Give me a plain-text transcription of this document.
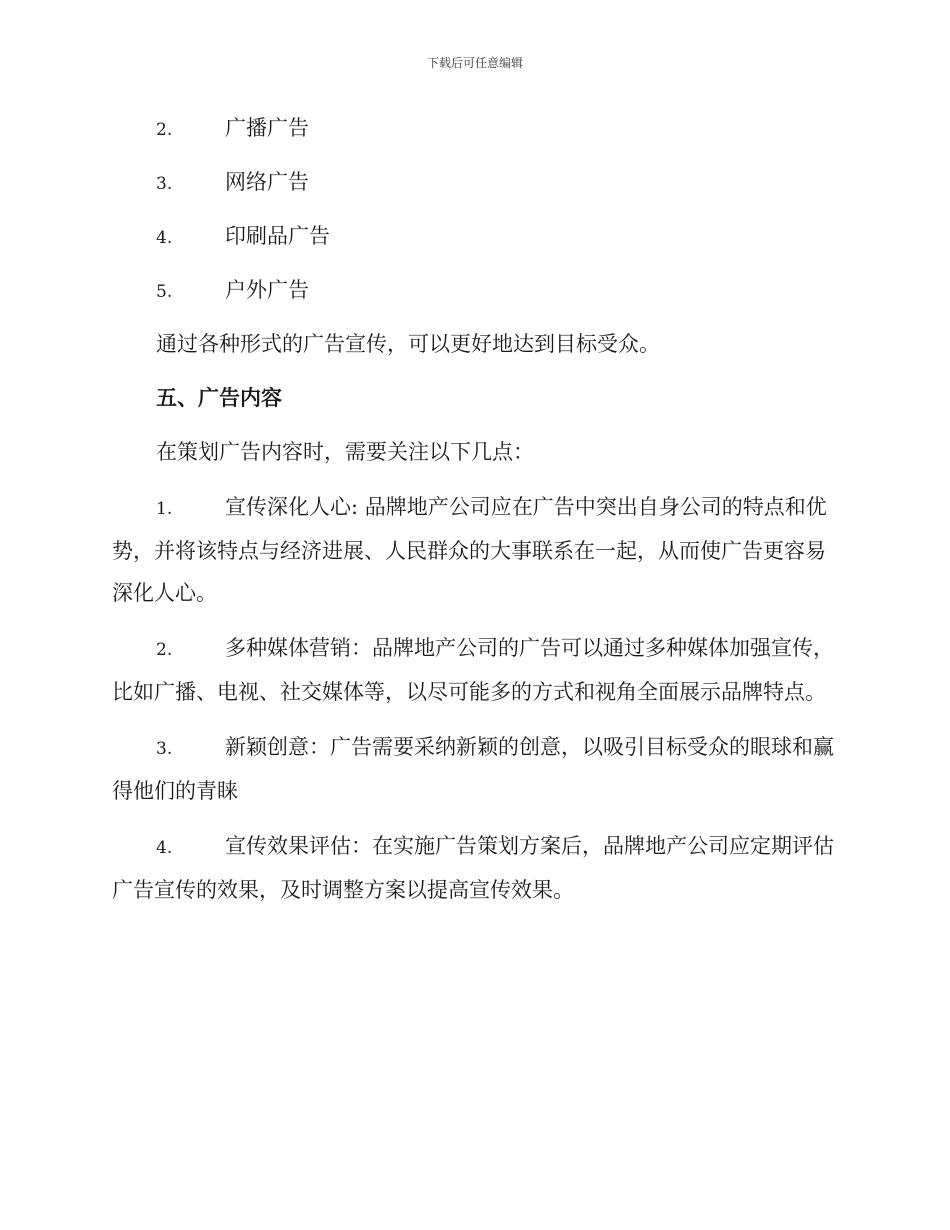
下载后可任意编辑
2.	广播广告
3.	网络广告
4.	印刷品广告
5.	户外广告

通过各种形式的广告宣传，可以更好地达到目标受众。

五、广告内容

在策划广告内容时，需要关注以下几点：

1.	宣传深化人心: 品牌地产公司应在广告中突出自身公司的特点和优势，并将该特点与经济进展、人民群众的大事联系在一起，从而使广告更容易深化人心。
2.	多种媒体营销：品牌地产公司的广告可以通过多种媒体加强宣传，比如广播、电视、社交媒体等，以尽可能多的方式和视角全面展示品牌特点。
3.	新颖创意：广告需要采纳新颖的创意，以吸引目标受众的眼球和赢得他们的青睐
4.	宣传效果评估：在实施广告策划方案后，品牌地产公司应定期评估广告宣传的效果，及时调整方案以提高宣传效果。
